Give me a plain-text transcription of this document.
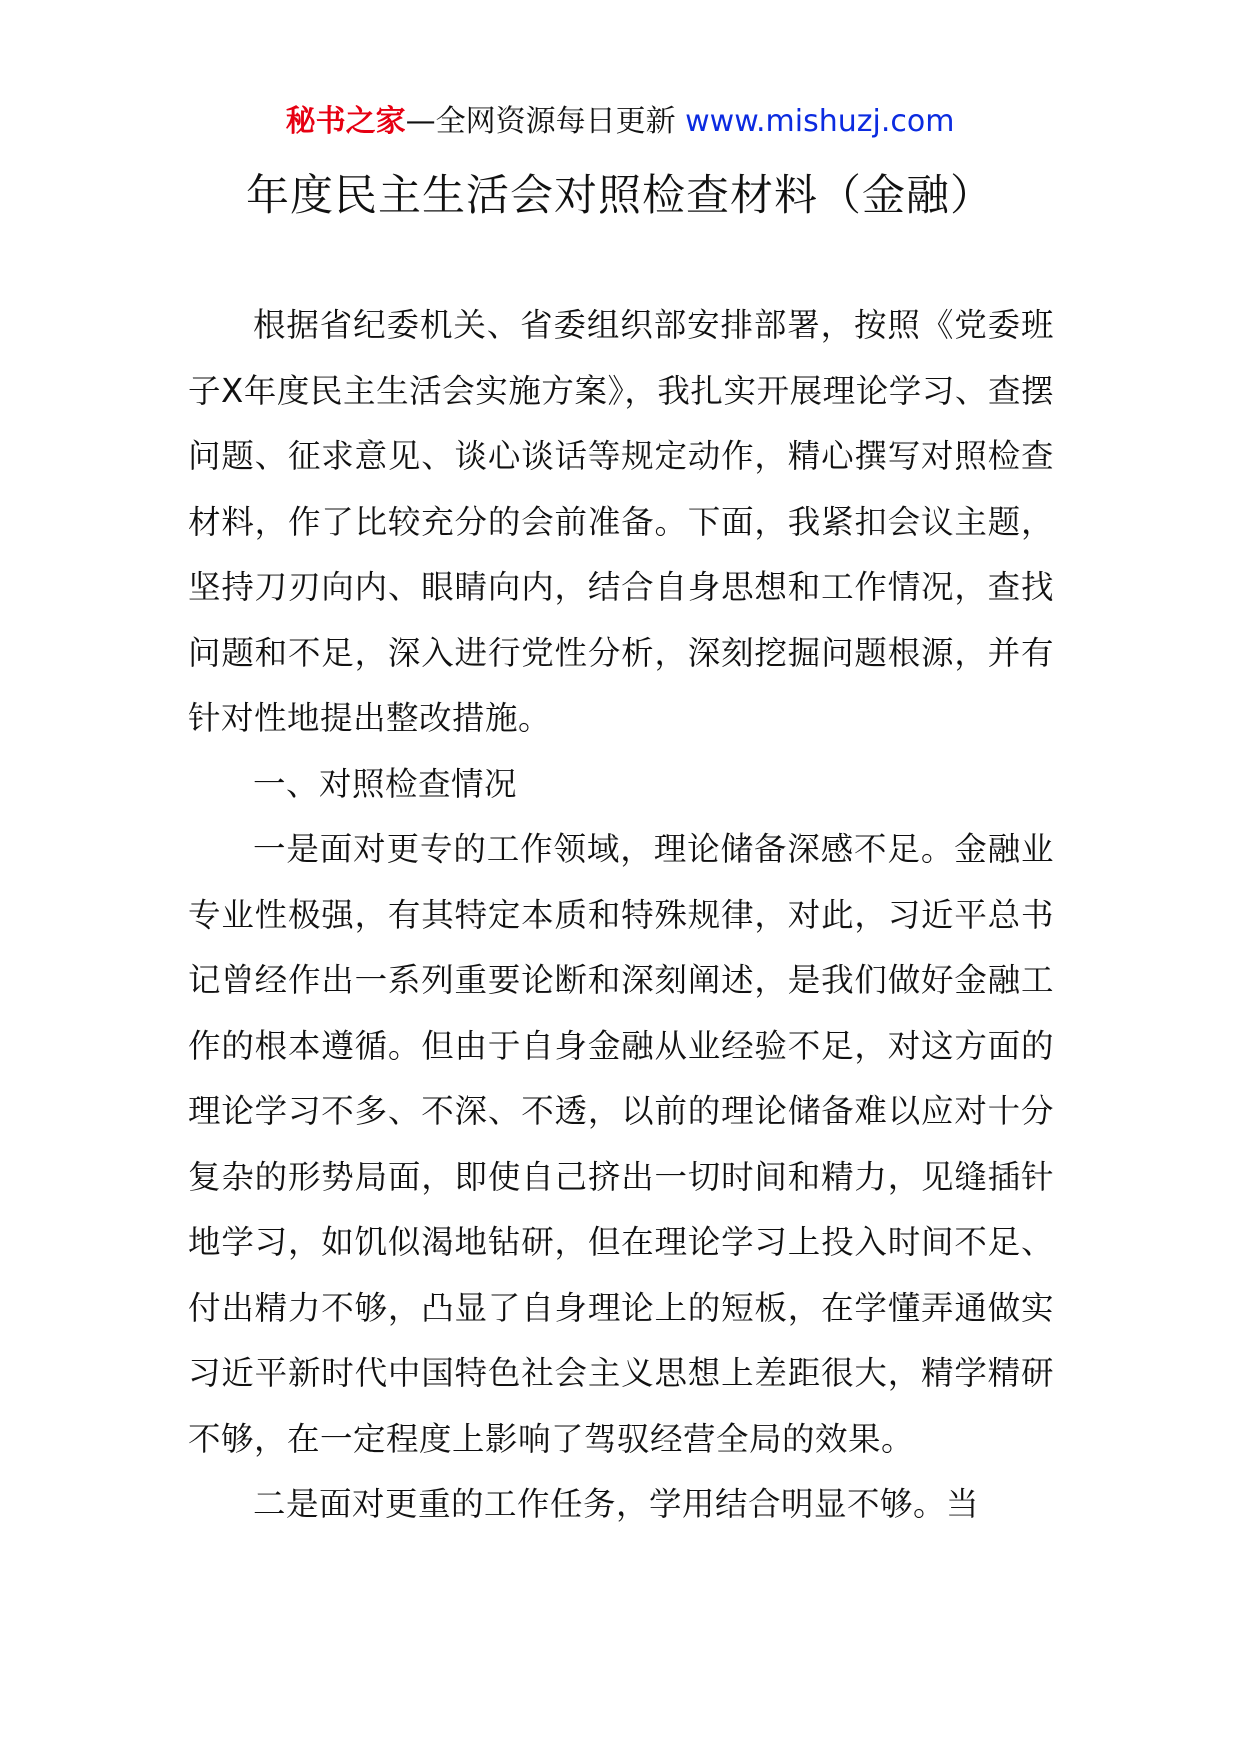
秘书之家—全网资源每日更新 www.mishuzj.com
年度民主生活会对照检查材料（金融）

根据省纪委机关、省委组织部安排部署，按照《党委班子X年度民主生活会实施方案》，我扎实开展理论学习、查摆问题、征求意见、谈心谈话等规定动作，精心撰写对照检查材料，作了比较充分的会前准备。下面，我紧扣会议主题，坚持刀刃向内、眼睛向内，结合自身思想和工作情况，查找问题和不足，深入进行党性分析，深刻挖掘问题根源，并有针对性地提出整改措施。

一、对照检查情况

一是面对更专的工作领域，理论储备深感不足。金融业专业性极强，有其特定本质和特殊规律，对此，习近平总书记曾经作出一系列重要论断和深刻阐述，是我们做好金融工作的根本遵循。但由于自身金融从业经验不足，对这方面的理论学习不多、不深、不透，以前的理论储备难以应对十分复杂的形势局面，即使自己挤出一切时间和精力，见缝插针地学习，如饥似渴地钻研，但在理论学习上投入时间不足、付出精力不够，凸显了自身理论上的短板，在学懂弄通做实习近平新时代中国特色社会主义思想上差距很大，精学精研不够，在一定程度上影响了驾驭经营全局的效果。

二是面对更重的工作任务，学用结合明显不够。当
